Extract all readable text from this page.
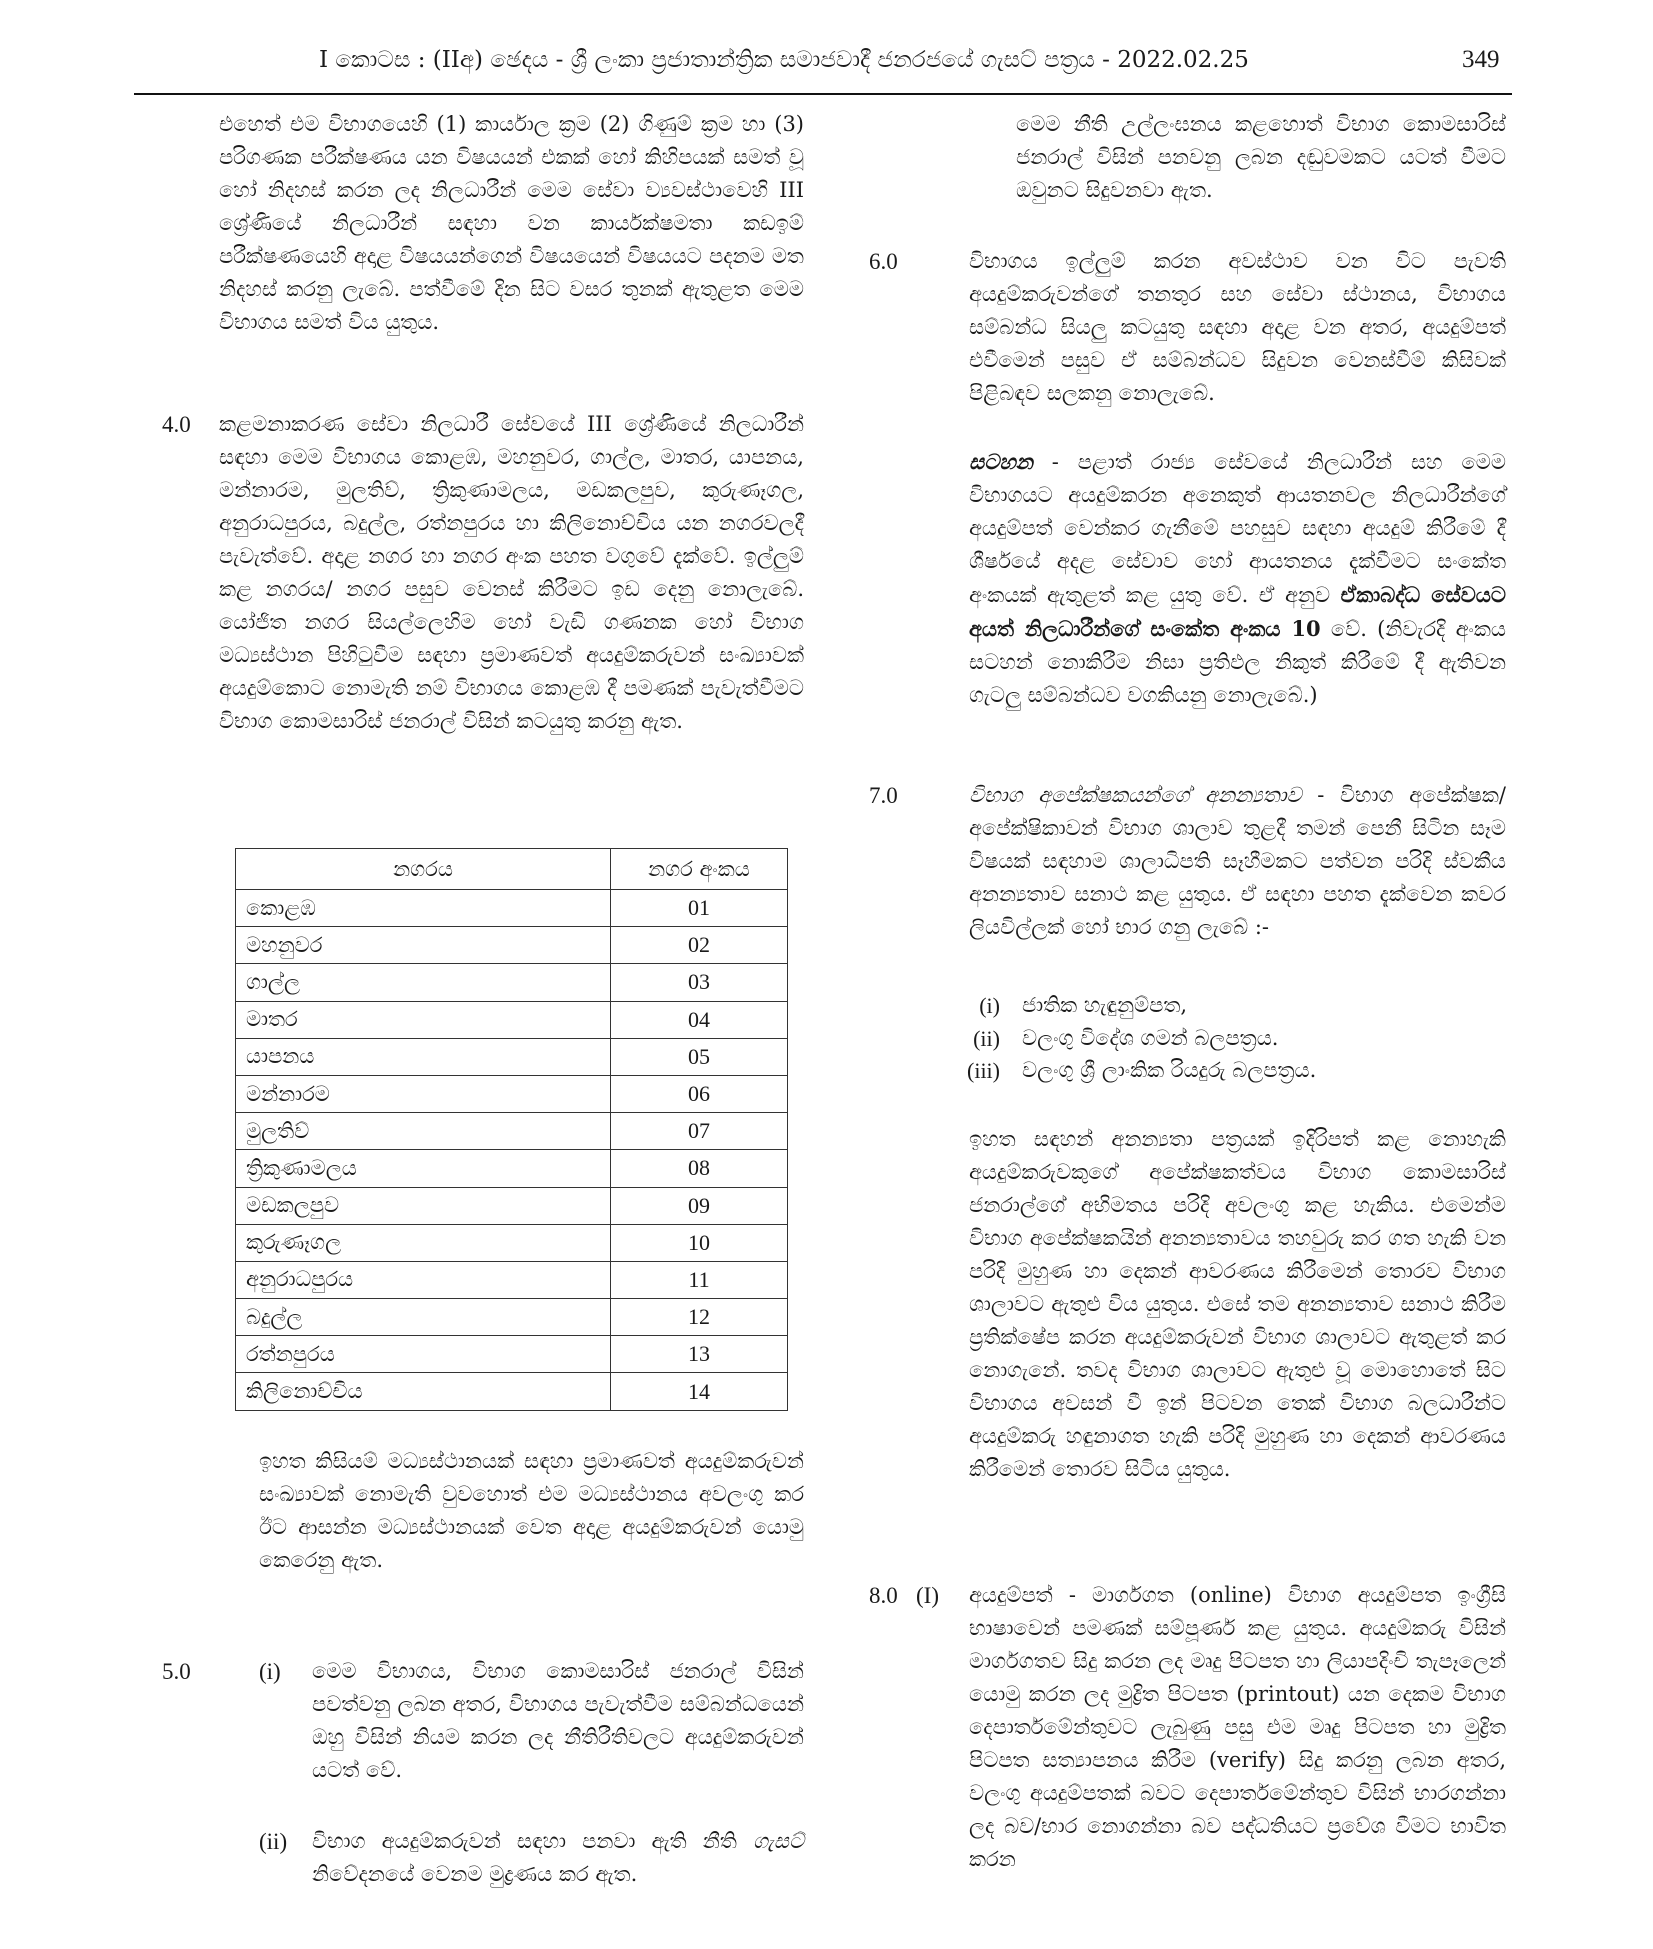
I කොටස : (IIඅ) ඡෙදය - ශ්‍රී ලංකා ප්‍රජාතාන්ත්‍රික සමාජවාදී ජනරජයේ ගැසට් පත්‍රය - 2022.02.25	349

එහෙත් එම විභාගයෙහි (1) කාර්යාල ක්‍රම (2) ගිණුම් ක්‍රම හා (3) පරිගණක පරීක්ෂණය යන විෂයයන් එකක් හෝ කිහිපයක් සමත් වූ හෝ නිදහස් කරන ලද නිලධාරීන් මෙම සේවා ව්‍යවස්ථාවෙහි III ශ්‍රේණියේ නිලධාරීන් සඳහා වන කාර්යක්ෂමතා කඩඉම් පරීක්ෂණයෙහි අදාළ විෂයයන්ගෙන් විෂයයෙන් විෂයයට පදනම මත නිදහස් කරනු ලැබේ. පත්වීමේ දින සිට වසර තුනක් ඇතුළත මෙම විභාගය සමත් විය යුතුය.

4.0 කළමනාකරණ සේවා නිලධාරී සේවයේ III ශ්‍රේණියේ නිලධාරීන් සඳහා මෙම විභාගය කොළඹ, මහනුවර, ගාල්ල, මාතර, යාපනය, මන්නාරම, මුලතිව්, ත්‍රිකුණාමලය, මඩකලපුව, කුරුණෑගල, අනුරාධපුරය, බදුල්ල, රත්නපුරය හා කිලිනොච්චිය යන නගරවලදී පැවැත්වේ. අදාළ නගර හා නගර අංක පහත වගුවේ දැක්වේ. ඉල්ලුම් කළ නගරය/ නගර පසුව වෙනස් කිරීමට ඉඩ දෙනු නොලැබේ. යෝජිත නගර සියල්ලෙහිම හෝ වැඩි ගණනක හෝ විභාග මධ්‍යස්ථාන පිහිටුවීම සඳහා ප්‍රමාණවත් අයදුම්කරුවන් සංඛ්‍යාවක් අයදුම්කොට නොමැති නම් විභාගය කොළඹ දී පමණක් පැවැත්වීමට විභාග කොමසාරිස් ජනරාල් විසින් කටයුතු කරනු ඇත.

නගරය	නගර අංකය
කොළඹ	01
මහනුවර	02
ගාල්ල	03
මාතර	04
යාපනය	05
මන්නාරම	06
මුලතිව්	07
ත්‍රිකුණාමලය	08
මඩකලපුව	09
කුරුණෑගල	10
අනුරාධපුරය	11
බදුල්ල	12
රත්නපුරය	13
කිලිනොච්චිය	14

ඉහත කිසියම් මධ්‍යස්ථානයක් සඳහා ප්‍රමාණවත් අයදුම්කරුවන් සංඛ්‍යාවක් නොමැති වුවහොත් එම මධ්‍යස්ථානය අවලංගු කර ඊට ආසන්න මධ්‍යස්ථානයක් වෙත අදාළ අයදුම්කරුවන් යොමු කෙරෙනු ඇත.

5.0	(i) මෙම විභාගය, විභාග කොමසාරිස් ජනරාල් විසින් පවත්වනු ලබන අතර, විභාගය පැවැත්වීම සම්බන්ධයෙන් ඔහු විසින් නියම කරන ලද නීතිරීතිවලට අයදුම්කරුවන් යටත් වේ.

(ii) විභාග අයදුම්කරුවන් සඳහා පනවා ඇති නීති ගැසට් නිවේදනයේ වෙනම මුද්‍රණය කර ඇත.

මෙම නීති උල්ලංඝනය කළහොත් විභාග කොමසාරිස් ජනරාල් විසින් පනවනු ලබන දඬුවමකට යටත් වීමට ඔවුනට සිදුවනවා ඇත.

6.0	විභාගය ඉල්ලුම් කරන අවස්ථාව වන විට පැවති අයදුම්කරුවන්ගේ තනතුර සහ සේවා ස්ථානය, විභාගය සම්බන්ධ සියලු කටයුතු සඳහා අදාළ වන අතර, අයදුම්පත් එවීමෙන් පසුව ඒ සම්බන්ධව සිදුවන වෙනස්වීම් කිසිවක් පිළිබඳව සලකනු නොලැබේ.

සටහන - පළාත් රාජ්‍ය සේවයේ නිලධාරීන් සහ මෙම විභාගයට අයදුම්කරන අනෙකුත් ආයතනවල නිලධාරීන්ගේ අයදුම්පත් වෙන්කර ගැනීමේ පහසුව සඳහා අයදුම් කිරීමේ දී ශීර්ෂයේ අදළ සේවාව හෝ ආයතනය දැක්වීමට සංකේත අංකයක් ඇතුළත් කළ යුතු වේ. ඒ අනුව ඒකාබද්ධ සේවයට අයත් නිලධාරීන්ගේ සංකේත අංකය 10 වේ. (නිවැරදි අංකය සටහන් නොකිරීම නිසා ප්‍රතිඵල නිකුත් කිරීමේ දී ඇතිවන ගැටලු සම්බන්ධව වගකියනු නොලැබේ.)

7.0	විභාග අපේක්ෂකයන්ගේ අනන්‍යතාව - විභාග අපේක්ෂක/අපේක්ෂිකාවන් විභාග ශාලාව තුළදී තමන් පෙනී සිටින සෑම විෂයක් සඳහාම ශාලාධිපති සෑහීමකට පත්වන පරිදි ස්වකීය අනන්‍යතාව සනාථ කළ යුතුය. ඒ සඳහා පහත දැක්වෙන කවර ලියවිල්ලක් හෝ භාර ගනු ලැබේ :-

(i) ජාතික හැඳුනුම්පත,
(ii) වලංගු විදේශ ගමන් බලපත්‍රය.
(iii) වලංගු ශ්‍රී ලාංකික රියදුරු බලපත්‍රය.

ඉහත සඳහන් අනන්‍යතා පත්‍රයක් ඉදිරිපත් කළ නොහැකි අයදුම්කරුවකුගේ අපේක්ෂකත්වය විභාග කොමසාරිස් ජනරාල්ගේ අභිමතය පරිදි අවලංගු කළ හැකිය. එමෙන්ම විභාග අපේක්ෂකයින් අනන්‍යතාවය තහවුරු කර ගත හැකි වන පරිදි මුහුණ හා දෙකන් ආවරණය කිරීමෙන් තොරව විභාග ශාලාවට ඇතුළු විය යුතුය. එසේ තම අනන්‍යතාව සනාථ කිරීම ප්‍රතික්ෂේප කරන අයදුම්කරුවන් විභාග ශාලාවට ඇතුළත් කර නොගැනේ. තවද විභාග ශාලාවට ඇතුළු වූ මොහොතේ සිට විභාගය අවසන් වී ඉන් පිටවන තෙක් විභාග බලධාරීන්ට අයදුම්කරු හඳුනාගත හැකි පරිදි මුහුණ හා දෙකන් ආවරණය කිරීමෙන් තොරව සිටිය යුතුය.

8.0 (I) අයදුම්පත් - මාර්ගගත (online) විභාග අයදුම්පත ඉංග්‍රීසි භාෂාවෙන් පමණක් සම්පූර්ණ කළ යුතුය. අයදුම්කරු විසින් මාර්ගගතව සිදු කරන ලද මෘදු පිටපත හා ලියාපදිංචි තැපෑලෙන් යොමු කරන ලද මුද්‍රිත පිටපත (printout) යන දෙකම විභාග දෙපාර්තමේන්තුවට ලැබුණු පසු එම මෘදු පිටපත හා මුද්‍රිත පිටපත සත්‍යාපනය කිරීම (verify) සිදු කරනු ලබන අතර, වලංගු අයදුම්පතක් බවට දෙපාර්තමේන්තුව විසින් භාරගන්නා ලද බව/භාර නොගන්නා බව පද්ධතියට ප්‍රවේශ වීමට භාවිත කරන
